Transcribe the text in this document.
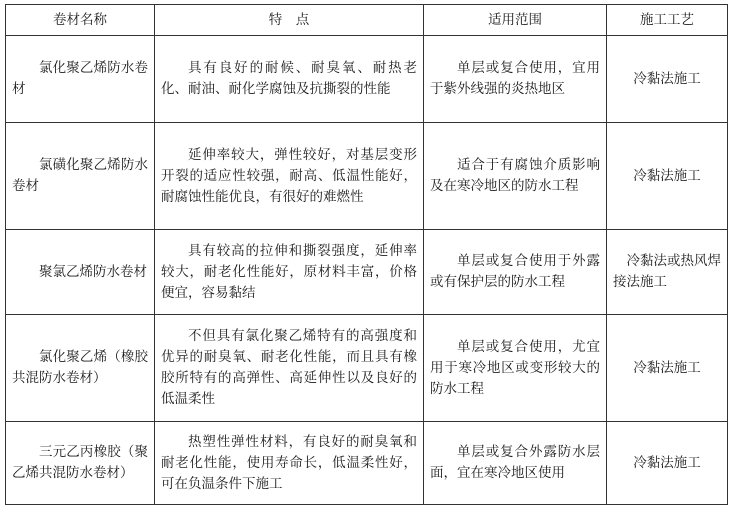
卷材名称	特　点	适用范围	施工工艺
氯化聚乙烯防水卷材	具有良好的耐候、耐臭氧、耐热老化、耐油、耐化学腐蚀及抗撕裂的性能	单层或复合使用，宜用于紫外线强的炎热地区	冷黏法施工
氯磺化聚乙烯防水卷材	延伸率较大，弹性较好，对基层变形开裂的适应性较强，耐高、低温性能好，耐腐蚀性能优良，有很好的难燃性	适合于有腐蚀介质影响及在寒冷地区的防水工程	冷黏法施工
聚氯乙烯防水卷材	具有较高的拉伸和撕裂强度，延伸率较大，耐老化性能好，原材料丰富，价格便宜，容易黏结	单层或复合使用于外露或有保护层的防水工程	冷黏法或热风焊接法施工
氯化聚乙烯（橡胶共混防水卷材）	不但具有氯化聚乙烯特有的高强度和优异的耐臭氧、耐老化性能，而且具有橡胶所特有的高弹性、高延伸性以及良好的低温柔性	单层或复合使用，尤宜用于寒冷地区或变形较大的防水工程	冷黏法施工
三元乙丙橡胶（聚乙烯共混防水卷材）	热塑性弹性材料，有良好的耐臭氧和耐老化性能，使用寿命长，低温柔性好，可在负温条件下施工	单层或复合外露防水层面，宜在寒冷地区使用	冷黏法施工
